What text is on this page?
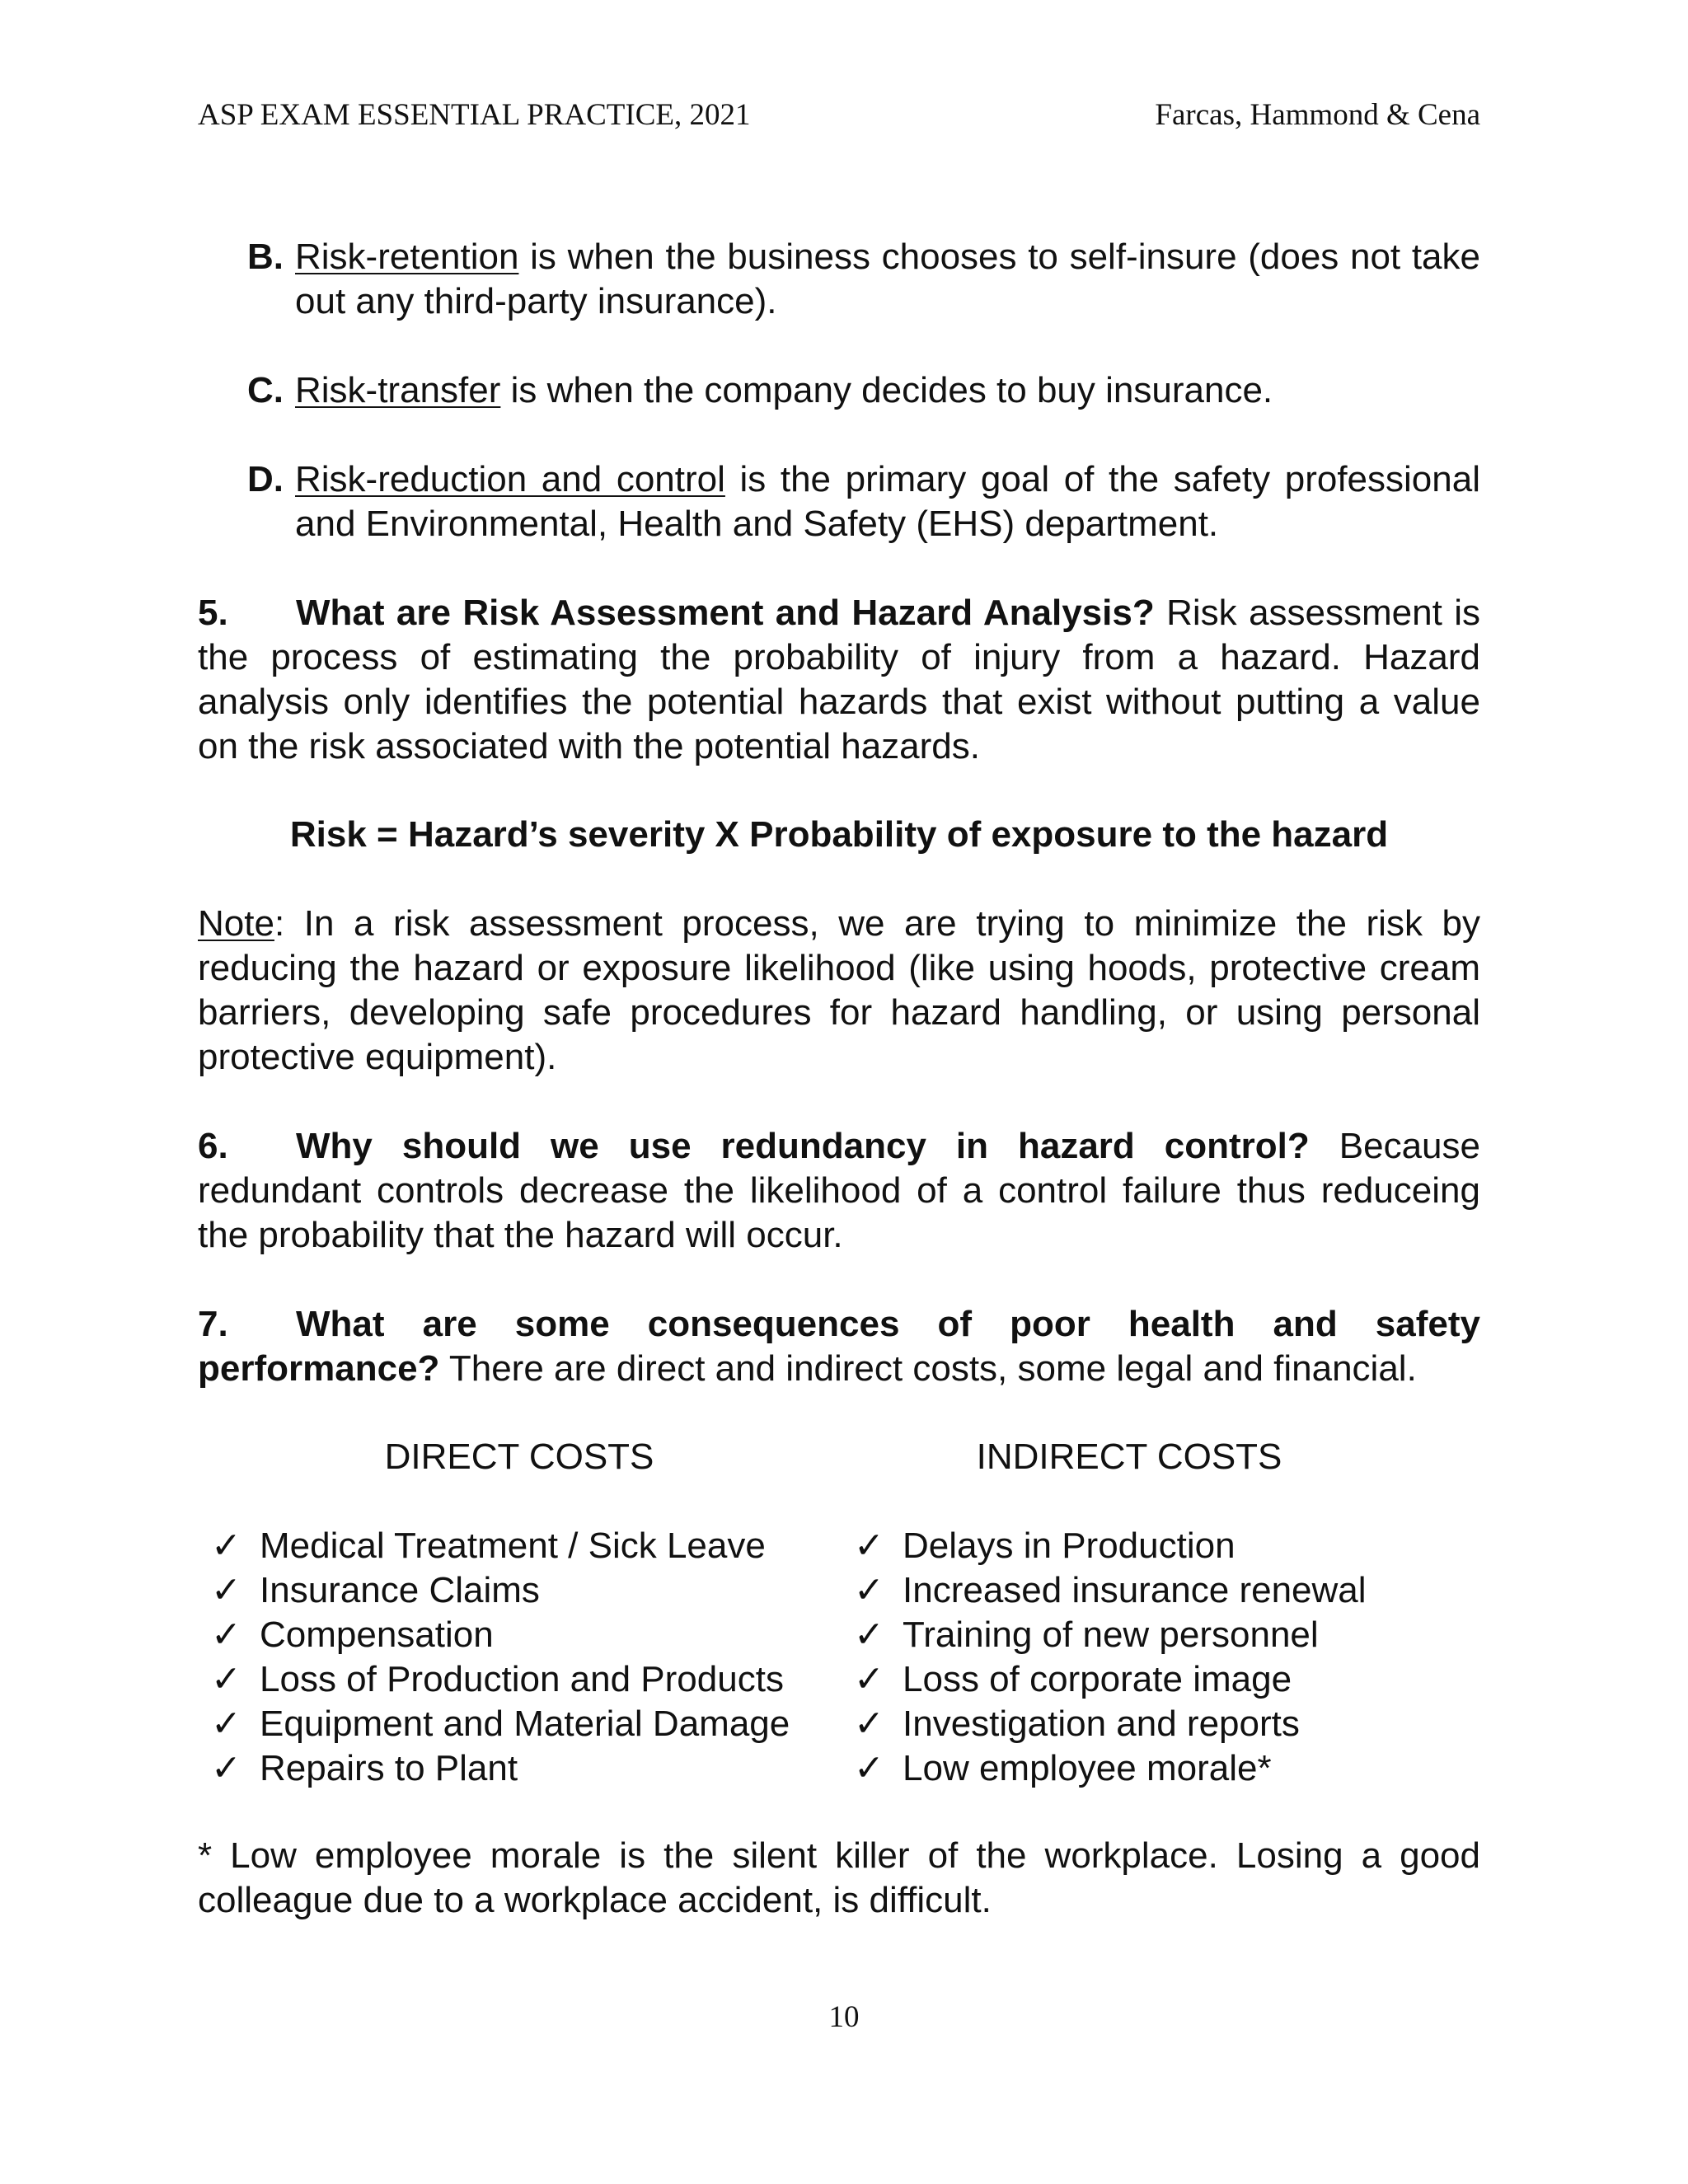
ASP EXAM ESSENTIAL PRACTICE, 2021	Farcas, Hammond & Cena
B. Risk-retention is when the business chooses to self-insure (does not take out any third-party insurance).
C. Risk-transfer is when the company decides to buy insurance.
D. Risk-reduction and control is the primary goal of the safety professional and Environmental, Health and Safety (EHS) department.
5. What are Risk Assessment and Hazard Analysis? Risk assessment is the process of estimating the probability of injury from a hazard. Hazard analysis only identifies the potential hazards that exist without putting a value on the risk associated with the potential hazards.
Risk = Hazard’s severity X Probability of exposure to the hazard
Note: In a risk assessment process, we are trying to minimize the risk by reducing the hazard or exposure likelihood (like using hoods, protective cream barriers, developing safe procedures for hazard handling, or using personal protective equipment).
6. Why should we use redundancy in hazard control? Because redundant controls decrease the likelihood of a control failure thus reduceing the probability that the hazard will occur.
7. What are some consequences of poor health and safety performance? There are direct and indirect costs, some legal and financial.
DIRECT COSTS
✓ Medical Treatment / Sick Leave
✓ Insurance Claims
✓ Compensation
✓ Loss of Production and Products
✓ Equipment and Material Damage
✓ Repairs to Plant
INDIRECT COSTS
✓ Delays in Production
✓ Increased insurance renewal
✓ Training of new personnel
✓ Loss of corporate image
✓ Investigation and reports
✓ Low employee morale*
* Low employee morale is the silent killer of the workplace. Losing a good colleague due to a workplace accident, is difficult.
10
